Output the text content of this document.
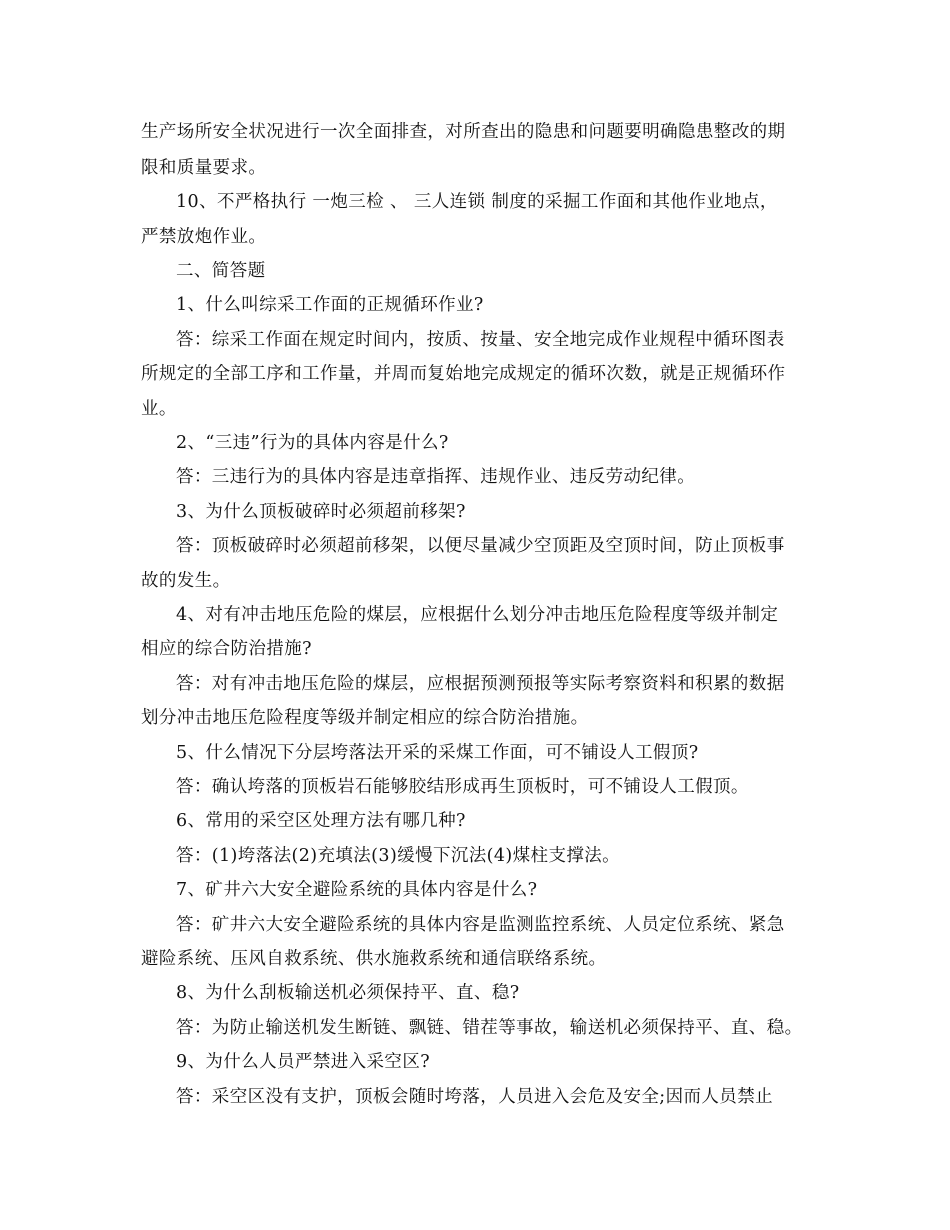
生产场所安全状况进行一次全面排查，对所查出的隐患和问题要明确隐患整改的期
限和质量要求。
10、不严格执行 一炮三检 、 三人连锁 制度的采掘工作面和其他作业地点，
严禁放炮作业。
二、简答题
1、什么叫综采工作面的正规循环作业?
答：综采工作面在规定时间内，按质、按量、安全地完成作业规程中循环图表
所规定的全部工序和工作量，并周而复始地完成规定的循环次数，就是正规循环作
业。
2、“三违”行为的具体内容是什么?
答：三违行为的具体内容是违章指挥、违规作业、违反劳动纪律。
3、为什么顶板破碎时必须超前移架?
答：顶板破碎时必须超前移架，以便尽量减少空顶距及空顶时间，防止顶板事
故的发生。
4、对有冲击地压危险的煤层，应根据什么划分冲击地压危险程度等级并制定
相应的综合防治措施?
答：对有冲击地压危险的煤层，应根据预测预报等实际考察资料和积累的数据
划分冲击地压危险程度等级并制定相应的综合防治措施。
5、什么情况下分层垮落法开采的采煤工作面，可不铺设人工假顶?
答：确认垮落的顶板岩石能够胶结形成再生顶板时，可不铺设人工假顶。
6、常用的采空区处理方法有哪几种?
答：(1)垮落法(2)充填法(3)缓慢下沉法(4)煤柱支撑法。
7、矿井六大安全避险系统的具体内容是什么?
答：矿井六大安全避险系统的具体内容是监测监控系统、人员定位系统、紧急
避险系统、压风自救系统、供水施救系统和通信联络系统。
8、为什么刮板输送机必须保持平、直、稳?
答：为防止输送机发生断链、飘链、错茬等事故，输送机必须保持平、直、稳。
9、为什么人员严禁进入采空区?
答：采空区没有支护，顶板会随时垮落，人员进入会危及安全;因而人员禁止
